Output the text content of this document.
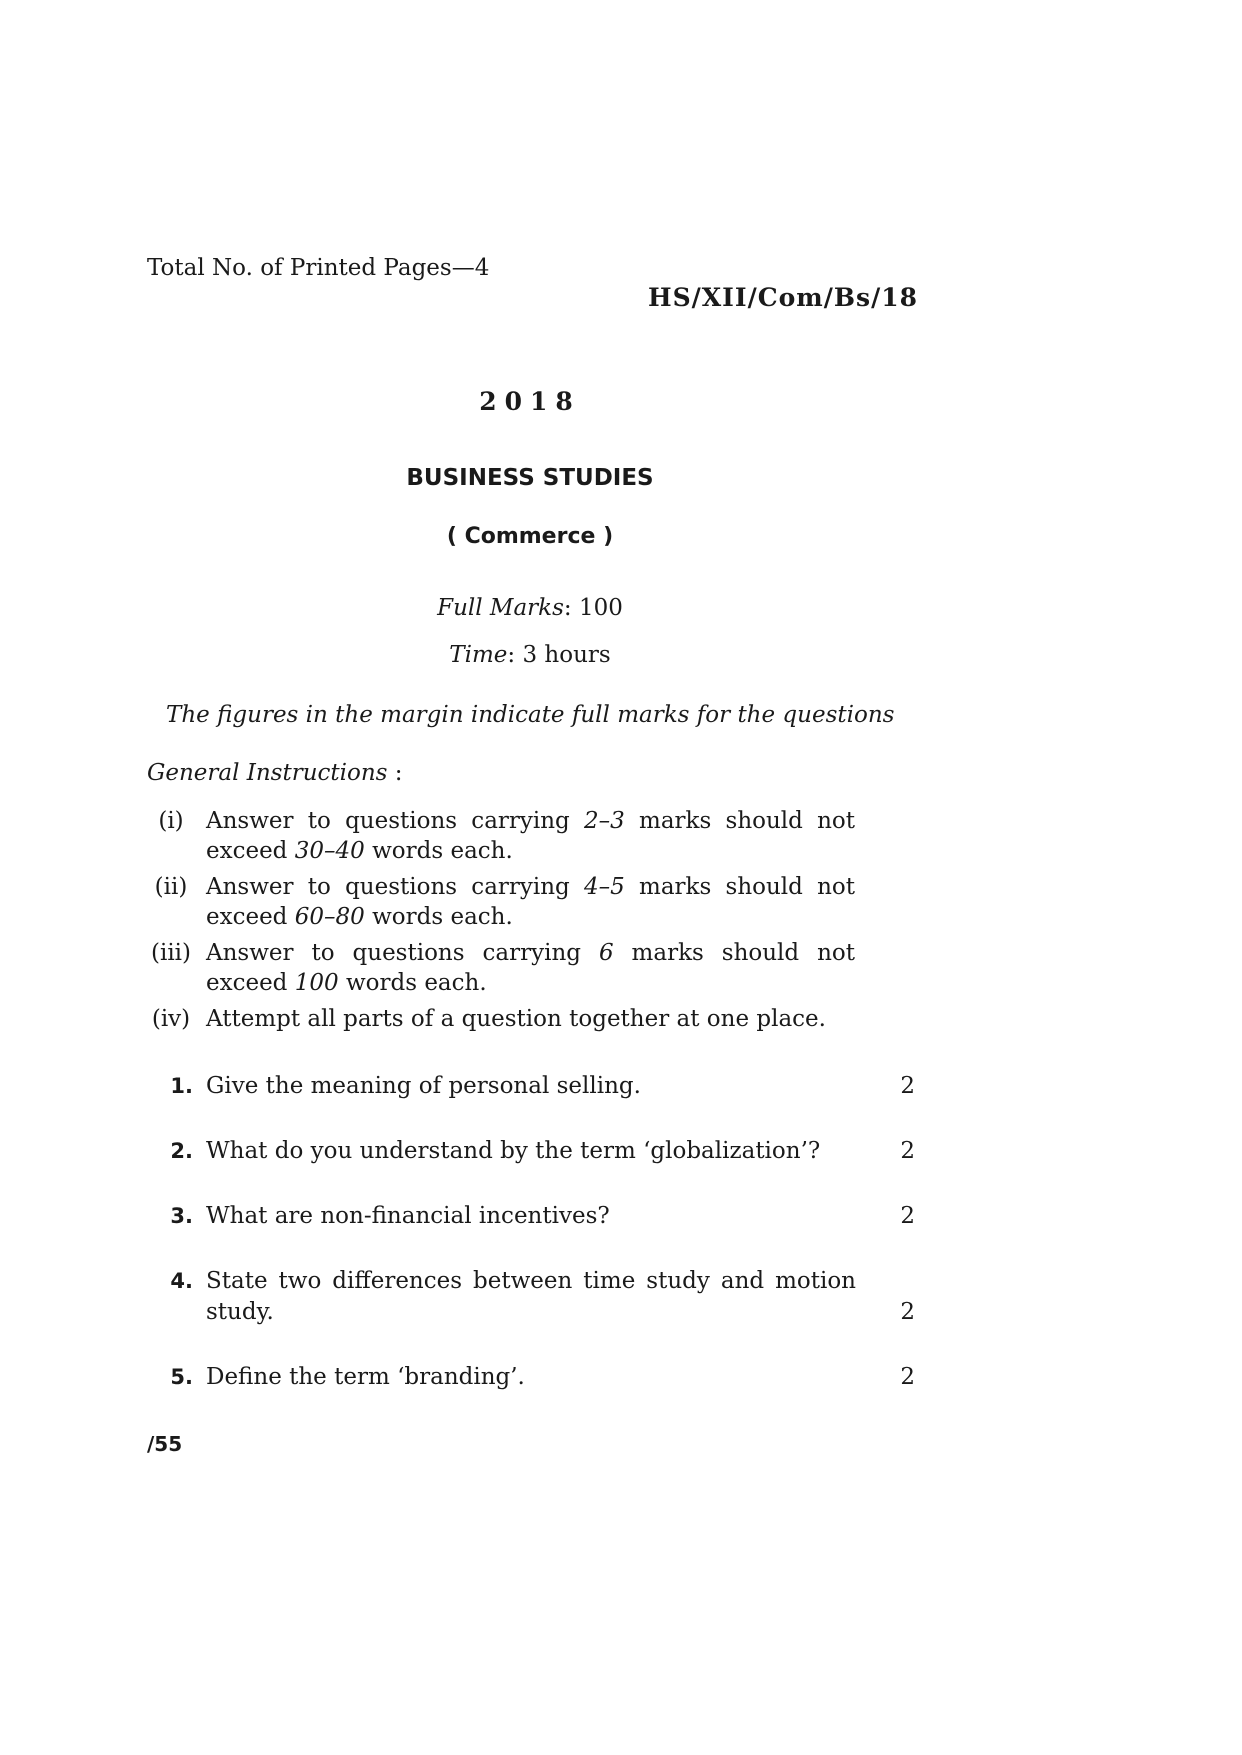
Total No. of Printed Pages—4
HS/XII/Com/Bs/18
2018
BUSINESS STUDIES
( Commerce )
Full Marks: 100
Time: 3 hours
The figures in the margin indicate full marks for the questions
General Instructions :
(i) Answer to questions carrying 2–3 marks should not
exceed 30–40 words each.
(ii) Answer to questions carrying 4–5 marks should not
exceed 60–80 words each.
(iii) Answer to questions carrying 6 marks should not
exceed 100 words each.
(iv) Attempt all parts of a question together at one place.
1. Give the meaning of personal selling.	2
2. What do you understand by the term ‘globalization’?	2
3. What are non-financial incentives?	2
4. State two differences between time study and motion
study.	2
5. Define the term ‘branding’.	2
/55
